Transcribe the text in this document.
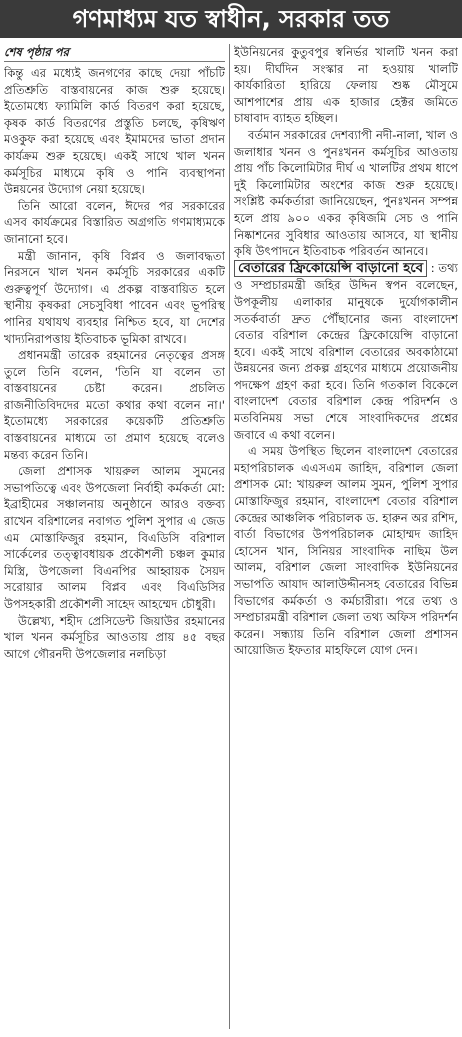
গণমাধ্যম যত স্বাধীন, সরকার তত
শেষ পৃষ্ঠার পর

কিন্তু এর মধ্যেই জনগণের কাছে দেয়া পাঁচটি প্রতিশ্রুতি বাস্তবায়নের কাজ শুরু হয়েছে। ইতোমধ্যে ফ্যামিলি কার্ড বিতরণ করা হয়েছে, কৃষক কার্ড বিতরণের প্রস্তুতি চলছে, কৃষিঋণ মওকুফ করা হয়েছে এবং ইমামদের ভাতা প্রদান কার্যক্রম শুরু হয়েছে। একই সাথে খাল খনন কর্মসূচির মাধ্যমে কৃষি ও পানি ব্যবস্থাপনা উন্নয়নের উদ্যোগ নেয়া হয়েছে।

তিনি আরো বলেন, ঈদের পর সরকারের এসব কার্যক্রমের বিস্তারিত অগ্রগতি গণমাধ্যমকে জানানো হবে।

মন্ত্রী জানান, কৃষি বিপ্লব ও জলাবদ্ধতা নিরসনে খাল খনন কর্মসূচি সরকারের একটি গুরুত্বপূর্ণ উদ্যোগ। এ প্রকল্প বাস্তবায়িত হলে স্থানীয় কৃষকরা সেচসুবিধা পাবেন এবং ভূপরিস্থ পানির যথাযথ ব্যবহার নিশ্চিত হবে, যা দেশের খাদ্যনিরাপত্তায় ইতিবাচক ভূমিকা রাখবে।

প্রধানমন্ত্রী তারেক রহমানের নেতৃত্বের প্রসঙ্গ তুলে তিনি বলেন, 'তিনি যা বলেন তা বাস্তবায়নের চেষ্টা করেন। প্রচলিত রাজনীতিবিদদের মতো কথার কথা বলেন না।' ইতোমধ্যে সরকারের কয়েকটি প্রতিশ্রুতি বাস্তবায়নের মাধ্যমে তা প্রমাণ হয়েছে বলেও মন্তব্য করেন তিনি।

জেলা প্রশাসক খায়রুল আলম সুমনের সভাপতিত্বে এবং উপজেলা নির্বাহী কর্মকর্তা মো: ইব্রাহীমের সঞ্চালনায় অনুষ্ঠানে আরও বক্তব্য রাখেন বরিশালের নবাগত পুলিশ সুপার এ জেড এম মোস্তাফিজুর রহমান, বিএডিসি বরিশাল সার্কেলের তত্ত্বাবধায়ক প্রকৌশলী চঞ্চল কুমার মিস্ত্রি, উপজেলা বিএনপির আহ্বায়ক সৈয়দ সরোয়ার আলম বিপ্লব এবং বিএডিসির উপসহকারী প্রকৌশলী সাহেদ আহম্মেদ চৌধুরী।

উল্লেখ্য, শহীদ প্রেসিডেন্ট জিয়াউর রহমানের খাল খনন কর্মসূচির আওতায় প্রায় ৪৫ বছর আগে গৌরনদী উপজেলার নলচিড়া

ইউনিয়নের কুতুবপুর স্বনির্ভর খালটি খনন করা হয়। দীর্ঘদিন সংস্কার না হওয়ায় খালটি কার্যকারিতা হারিয়ে ফেলায় শুষ্ক মৌসুমে আশপাশের প্রায় এক হাজার হেক্টর জমিতে চাষাবাদ ব্যাহত হচ্ছিল।

বর্তমান সরকারের দেশব্যাপী নদী-নালা, খাল ও জলাধার খনন ও পুনঃখনন কর্মসূচির আওতায় প্রায় পাঁচ কিলোমিটার দীর্ঘ এ খালটির প্রথম ধাপে দুই কিলোমিটার অংশের কাজ শুরু হয়েছে। সংশ্লিষ্ট কর্মকর্তারা জানিয়েছেন, পুনঃখনন সম্পন্ন হলে প্রায় ৯০০ একর কৃষিজমি সেচ ও পানি নিষ্কাশনের সুবিধার আওতায় আসবে, যা স্থানীয় কৃষি উৎপাদনে ইতিবাচক পরিবর্তন আনবে।

বেতারের ফ্রিকোয়েন্সি বাড়ানো হবে : তথ্য ও সম্প্রচারমন্ত্রী জহির উদ্দিন স্বপন বলেছেন, উপকূলীয় এলাকার মানুষকে দুর্যোগকালীন সতর্কবার্তা দ্রুত পৌঁছানোর জন্য বাংলাদেশ বেতার বরিশাল কেন্দ্রের ফ্রিকোয়েন্সি বাড়ানো হবে। একই সাথে বরিশাল বেতারের অবকাঠামো উন্নয়নের জন্য প্রকল্প গ্রহণের মাধ্যমে প্রয়োজনীয় পদক্ষেপ গ্রহণ করা হবে। তিনি গতকাল বিকেলে বাংলাদেশ বেতার বরিশাল কেন্দ্র পরিদর্শন ও মতবিনিময় সভা শেষে সাংবাদিকদের প্রশ্নের জবাবে এ কথা বলেন।

এ সময় উপস্থিত ছিলেন বাংলাদেশ বেতারের মহাপরিচালক এএসএম জাহিদ, বরিশাল জেলা প্রশাসক মো: খায়রুল আলম সুমন, পুলিশ সুপার মোস্তাফিজুর রহমান, বাংলাদেশ বেতার বরিশাল কেন্দ্রের আঞ্চলিক পরিচালক ড. হারুন অর রশিদ, বার্তা বিভাগের উপপরিচালক মোহাম্মদ জাহিদ হোসেন খান, সিনিয়র সাংবাদিক নাছিম উল আলম, বরিশাল জেলা সাংবাদিক ইউনিয়নের সভাপতি আযাদ আলাউদ্দীনসহ বেতারের বিভিন্ন বিভাগের কর্মকর্তা ও কর্মচারীরা। পরে তথ্য ও সম্প্রচারমন্ত্রী বরিশাল জেলা তথ্য অফিস পরিদর্শন করেন। সন্ধ্যায় তিনি বরিশাল জেলা প্রশাসন আয়োজিত ইফতার মাহফিলে যোগ দেন।
